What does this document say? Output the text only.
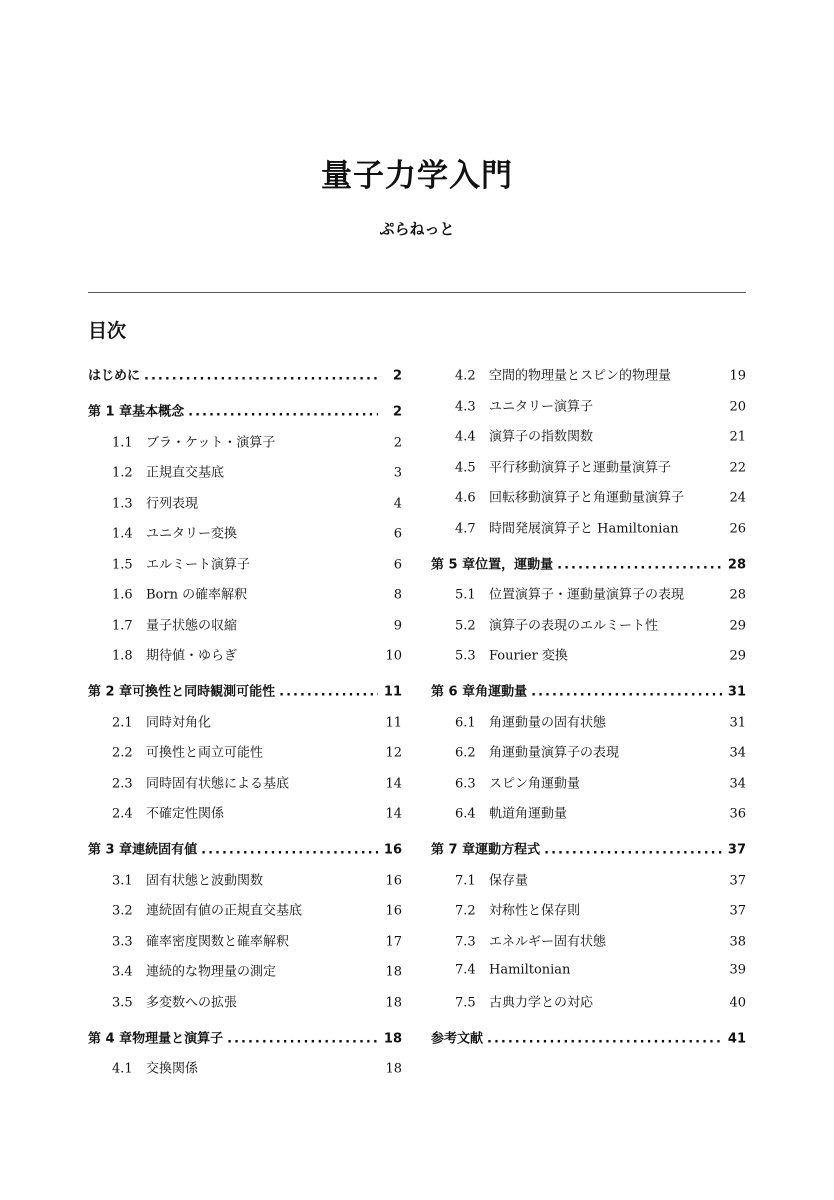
量子力学入門
ぷらねっと
目次
はじめに .....	2
第 1 章 基本概念 .....	2
1.1	ブラ・ケット・演算子	2
1.2	正規直交基底	3
1.3	行列表現	4
1.4	ユニタリー変換	6
1.5	エルミート演算子	6
1.6	Born の確率解釈	8
1.7	量子状態の収縮	9
1.8	期待値・ゆらぎ	10
第 2 章 可換性と同時観測可能性 .....	11
2.1	同時対角化	11
2.2	可換性と両立可能性	12
2.3	同時固有状態による基底	14
2.4	不確定性関係	14
第 3 章 連続固有値 .....	16
3.1	固有状態と波動関数	16
3.2	連続固有値の正規直交基底	16
3.3	確率密度関数と確率解釈	17
3.4	連続的な物理量の測定	18
3.5	多変数への拡張	18
第 4 章 物理量と演算子 .....	18
4.1	交換関係	18
4.2	空間的物理量とスピン的物理量	19
4.3	ユニタリー演算子	20
4.4	演算子の指数関数	21
4.5	平行移動演算子と運動量演算子	22
4.6	回転移動演算子と角運動量演算子	24
4.7	時間発展演算子と Hamiltonian	26
第 5 章 位置，運動量 .....	28
5.1	位置演算子・運動量演算子の表現	28
5.2	演算子の表現のエルミート性	29
5.3	Fourier 変換	29
第 6 章 角運動量 .....	31
6.1	角運動量の固有状態	31
6.2	角運動量演算子の表現	34
6.3	スピン角運動量	34
6.4	軌道角運動量	36
第 7 章 運動方程式 .....	37
7.1	保存量	37
7.2	対称性と保存則	37
7.3	エネルギー固有状態	38
7.4	Hamiltonian	39
7.5	古典力学との対応	40
参考文献 .....	41
